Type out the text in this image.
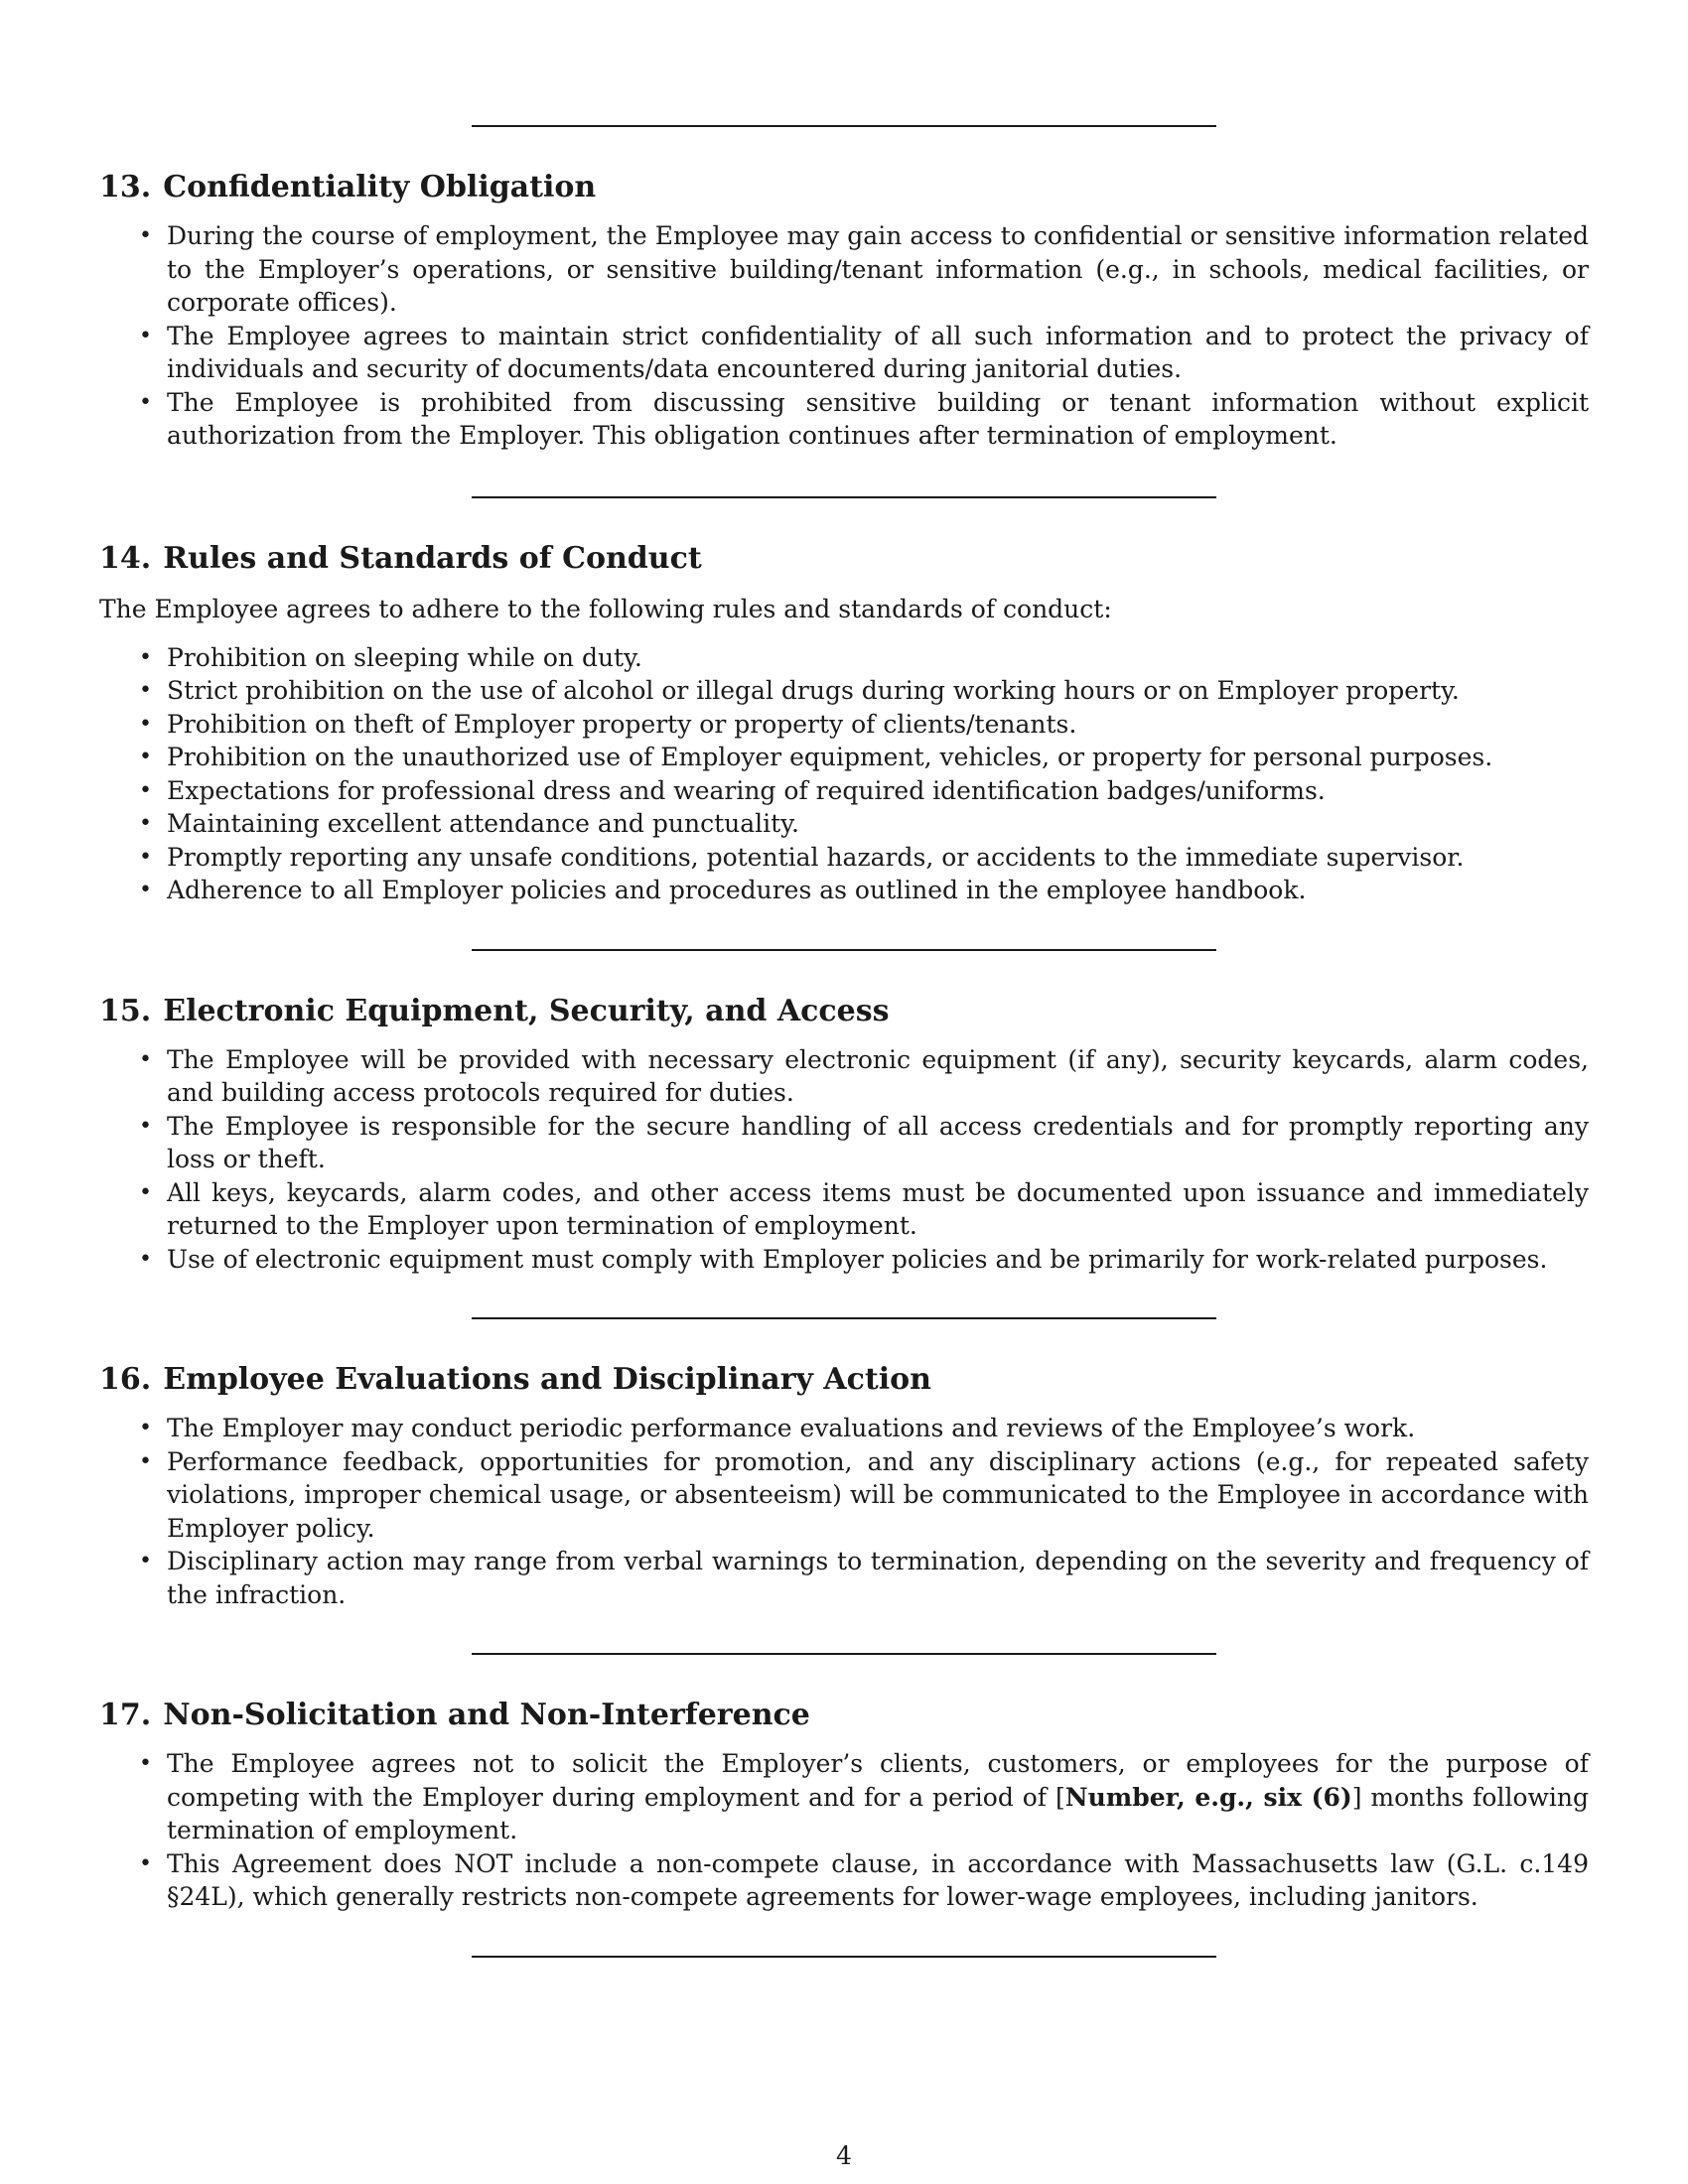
13. Confidentiality Obligation
• During the course of employment, the Employee may gain access to confidential or sensitive information related to the Employer’s operations, or sensitive building/tenant information (e.g., in schools, medical facilities, or corporate offices).
• The Employee agrees to maintain strict confidentiality of all such information and to protect the privacy of individuals and security of documents/data encountered during janitorial duties.
• The Employee is prohibited from discussing sensitive building or tenant information without explicit authorization from the Employer. This obligation continues after termination of employment.
14. Rules and Standards of Conduct

The Employee agrees to adhere to the following rules and standards of conduct:

• Prohibition on sleeping while on duty.
• Strict prohibition on the use of alcohol or illegal drugs during working hours or on Employer property.
• Prohibition on theft of Employer property or property of clients/tenants.
• Prohibition on the unauthorized use of Employer equipment, vehicles, or property for personal purposes.
• Expectations for professional dress and wearing of required identification badges/uniforms.
• Maintaining excellent attendance and punctuality.
• Promptly reporting any unsafe conditions, potential hazards, or accidents to the immediate supervisor.
• Adherence to all Employer policies and procedures as outlined in the employee handbook.
15. Electronic Equipment, Security, and Access
• The Employee will be provided with necessary electronic equipment (if any), security keycards, alarm codes, and building access protocols required for duties.
• The Employee is responsible for the secure handling of all access credentials and for promptly reporting any loss or theft.
• All keys, keycards, alarm codes, and other access items must be documented upon issuance and immediately returned to the Employer upon termination of employment.
• Use of electronic equipment must comply with Employer policies and be primarily for work-related purposes.
16. Employee Evaluations and Disciplinary Action
• The Employer may conduct periodic performance evaluations and reviews of the Employee’s work.
• Performance feedback, opportunities for promotion, and any disciplinary actions (e.g., for repeated safety violations, improper chemical usage, or absenteeism) will be communicated to the Employee in accordance with Employer policy.
• Disciplinary action may range from verbal warnings to termination, depending on the severity and frequency of the infraction.
17. Non-Solicitation and Non-Interference
• The Employee agrees not to solicit the Employer’s clients, customers, or employees for the purpose of competing with the Employer during employment and for a period of [Number, e.g., six (6)] months following termination of employment.
• This Agreement does NOT include a non-compete clause, in accordance with Massachusetts law (G.L. c.149 §24L), which generally restricts non-compete agreements for lower-wage employees, including janitors.
4
